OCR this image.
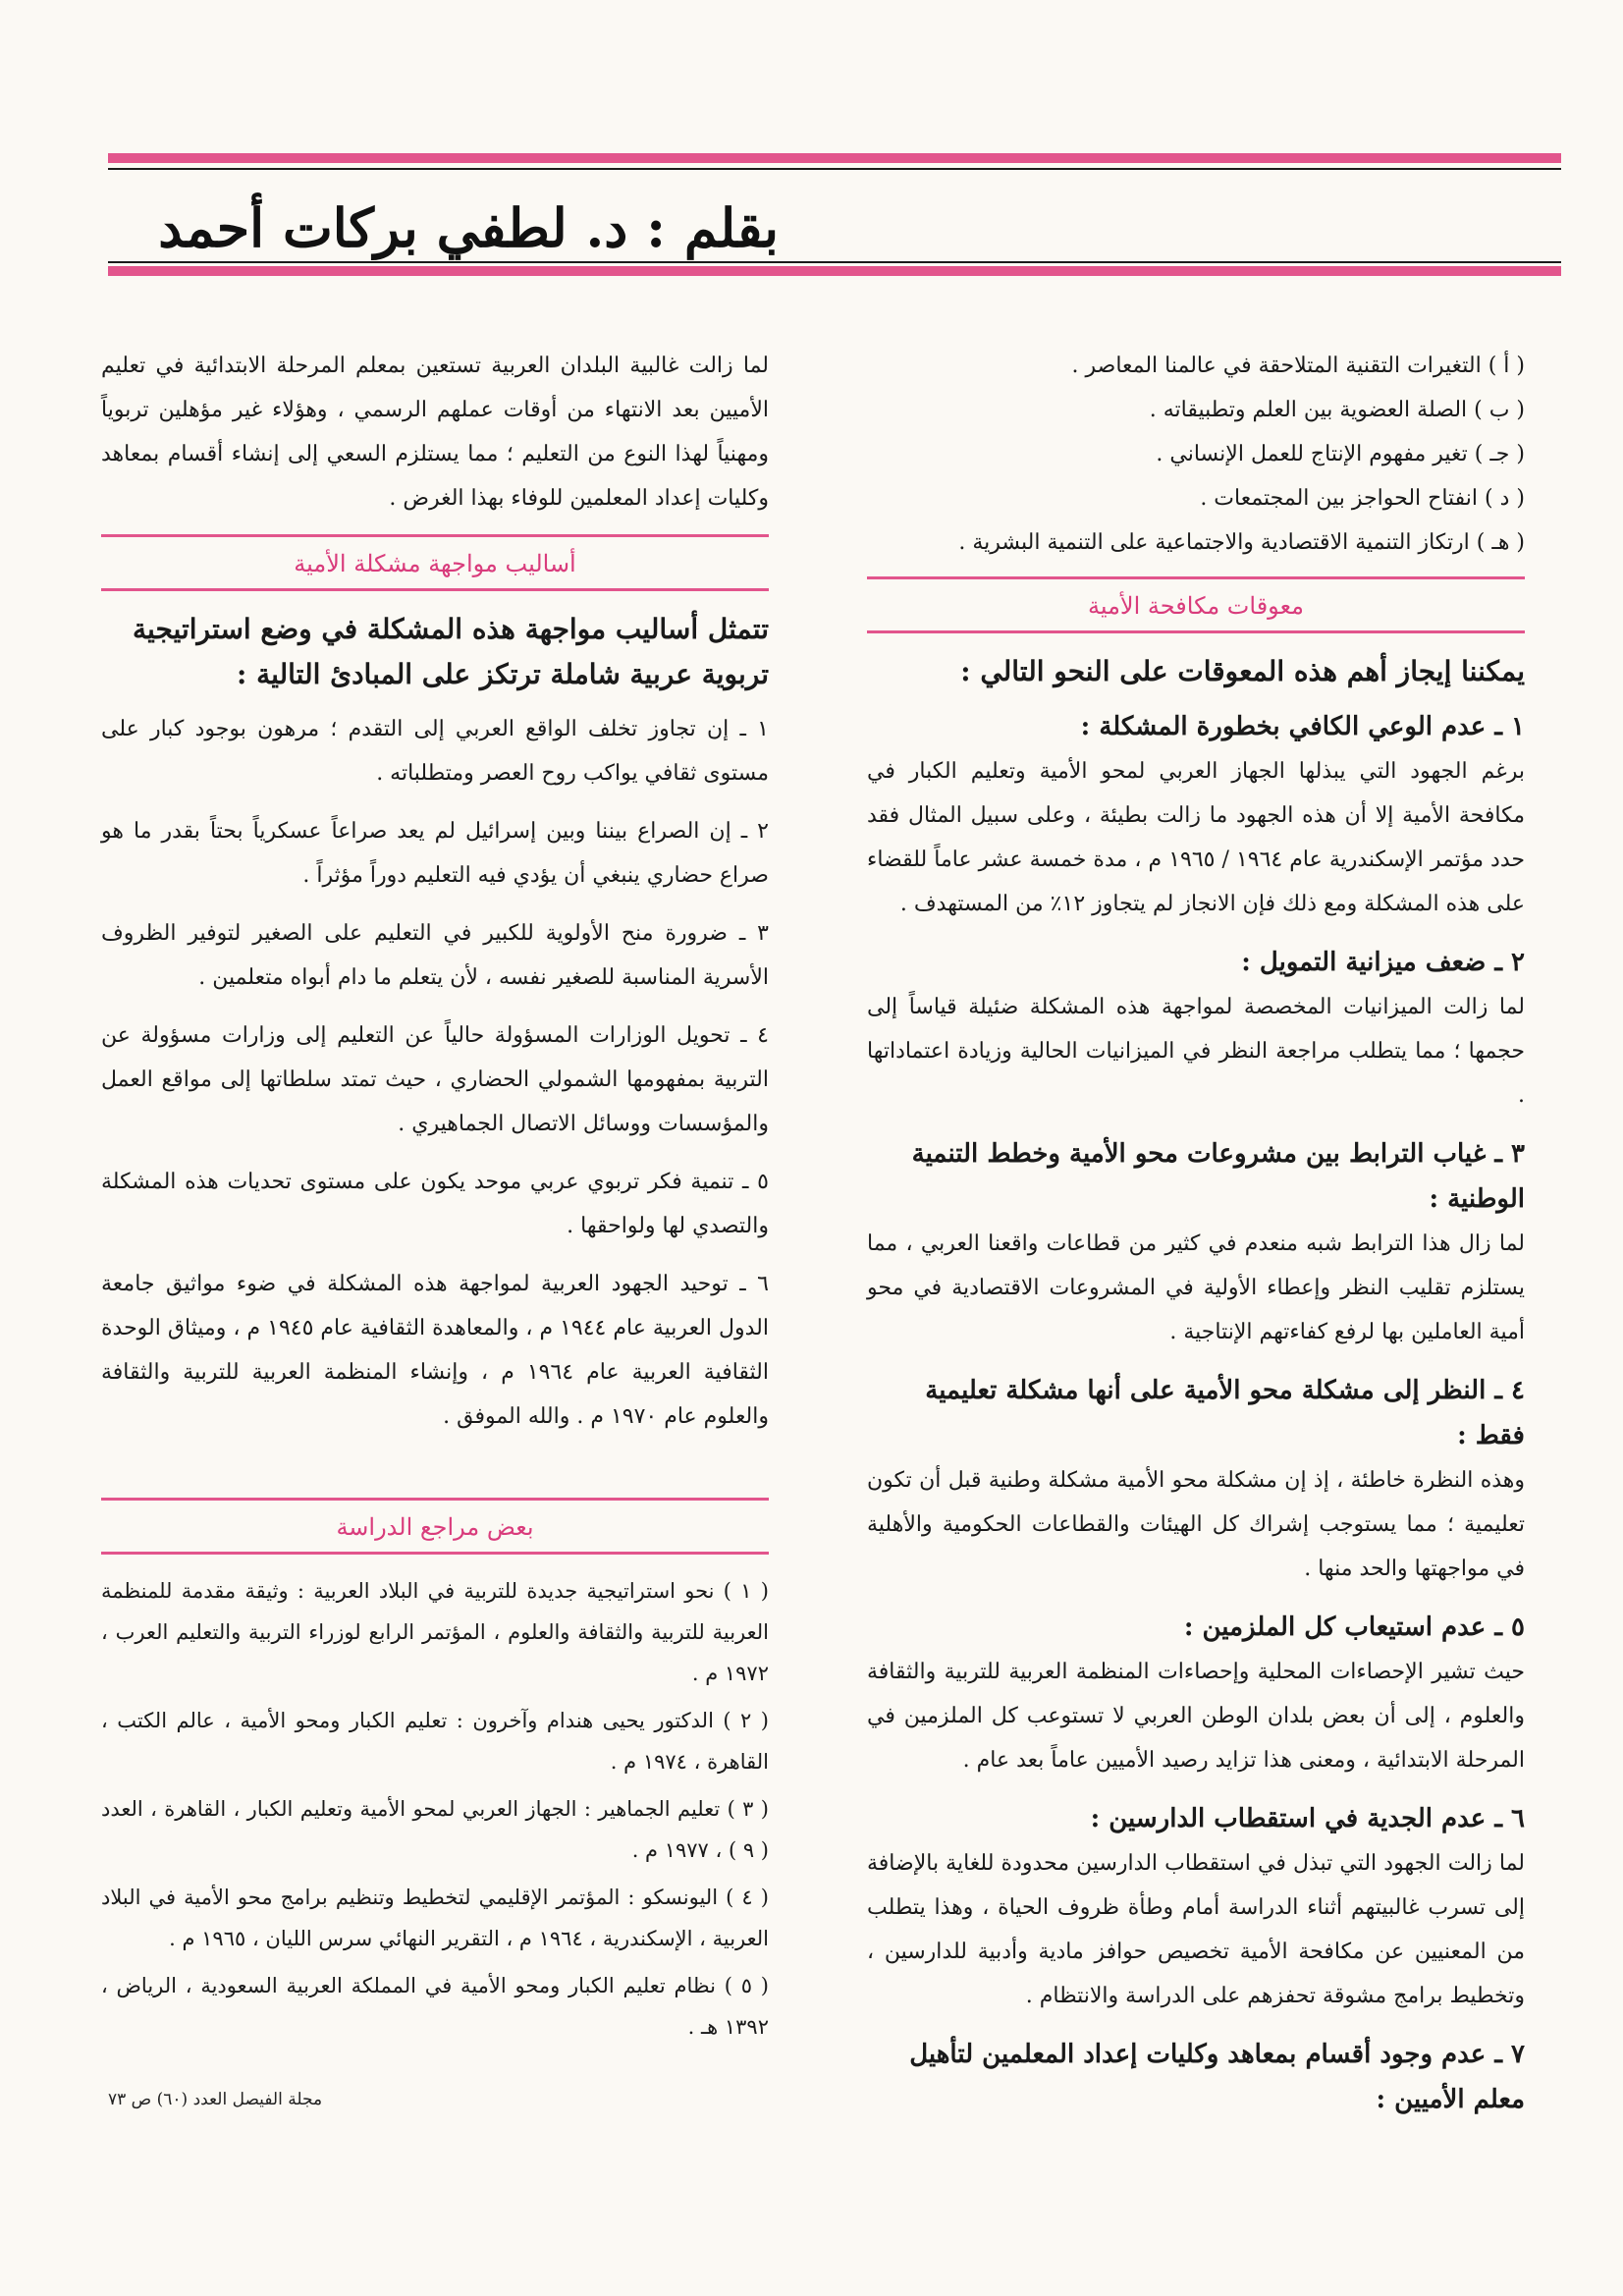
بقلم : د. لطفي بركات أحمد
( أ ) التغيرات التقنية المتلاحقة في عالمنا المعاصر .
( ب ) الصلة العضوية بين العلم وتطبيقاته .
( جـ ) تغير مفهوم الإنتاج للعمل الإنساني .
( د ) انفتاح الحواجز بين المجتمعات .
( هـ ) ارتكاز التنمية الاقتصادية والاجتماعية على التنمية البشرية .
معوقات مكافحة الأمية
يمكننا إيجاز أهم هذه المعوقات على النحو التالي :
١ ـ عدم الوعي الكافي بخطورة المشكلة :
برغم الجهود التي يبذلها الجهاز العربي لمحو الأمية وتعليم الكبار في مكافحة الأمية إلا أن هذه الجهود ما زالت بطيئة ، وعلى سبيل المثال فقد حدد مؤتمر الإسكندرية عام ١٩٦٤ / ١٩٦٥ م ، مدة خمسة عشر عاماً للقضاء على هذه المشكلة ومع ذلك فإن الانجاز لم يتجاوز ١٢٪ من المستهدف .
٢ ـ ضعف ميزانية التمويل :
لما زالت الميزانيات المخصصة لمواجهة هذه المشكلة ضئيلة قياساً إلى حجمها ؛ مما يتطلب مراجعة النظر في الميزانيات الحالية وزيادة اعتماداتها .
٣ ـ غياب الترابط بين مشروعات محو الأمية وخطط التنمية الوطنية :
لما زال هذا الترابط شبه منعدم في كثير من قطاعات واقعنا العربي ، مما يستلزم تقليب النظر وإعطاء الأولية في المشروعات الاقتصادية في محو أمية العاملين بها لرفع كفاءتهم الإنتاجية .
٤ ـ النظر إلى مشكلة محو الأمية على أنها مشكلة تعليمية فقط :
وهذه النظرة خاطئة ، إذ إن مشكلة محو الأمية مشكلة وطنية قبل أن تكون تعليمية ؛ مما يستوجب إشراك كل الهيئات والقطاعات الحكومية والأهلية في مواجهتها والحد منها .
٥ ـ عدم استيعاب كل الملزمين :
حيث تشير الإحصاءات المحلية وإحصاءات المنظمة العربية للتربية والثقافة والعلوم ، إلى أن بعض بلدان الوطن العربي لا تستوعب كل الملزمين في المرحلة الابتدائية ، ومعنى هذا تزايد رصيد الأميين عاماً بعد عام .
٦ ـ عدم الجدية في استقطاب الدارسين :
لما زالت الجهود التي تبذل في استقطاب الدارسين محدودة للغاية بالإضافة إلى تسرب غالبيتهم أثناء الدراسة أمام وطأة ظروف الحياة ، وهذا يتطلب من المعنيين عن مكافحة الأمية تخصيص حوافز مادية وأدبية للدارسين ، وتخطيط برامج مشوقة تحفزهم على الدراسة والانتظام .
٧ ـ عدم وجود أقسام بمعاهد وكليات إعداد المعلمين لتأهيل معلم الأميين :
لما زالت غالبية البلدان العربية تستعين بمعلم المرحلة الابتدائية في تعليم الأميين بعد الانتهاء من أوقات عملهم الرسمي ، وهؤلاء غير مؤهلين تربوياً ومهنياً لهذا النوع من التعليم ؛ مما يستلزم السعي إلى إنشاء أقسام بمعاهد وكليات إعداد المعلمين للوفاء بهذا الغرض .
أساليب مواجهة مشكلة الأمية
تتمثل أساليب مواجهة هذه المشكلة في وضع استراتيجية تربوية عربية شاملة ترتكز على المبادئ التالية :
١ ـ إن تجاوز تخلف الواقع العربي إلى التقدم ؛ مرهون بوجود كبار على مستوى ثقافي يواكب روح العصر ومتطلباته .
٢ ـ إن الصراع بيننا وبين إسرائيل لم يعد صراعاً عسكرياً بحتاً بقدر ما هو صراع حضاري ينبغي أن يؤدي فيه التعليم دوراً مؤثراً .
٣ ـ ضرورة منح الأولوية للكبير في التعليم على الصغير لتوفير الظروف الأسرية المناسبة للصغير نفسه ، لأن يتعلم ما دام أبواه متعلمين .
٤ ـ تحويل الوزارات المسؤولة حالياً عن التعليم إلى وزارات مسؤولة عن التربية بمفهومها الشمولي الحضاري ، حيث تمتد سلطاتها إلى مواقع العمل والمؤسسات ووسائل الاتصال الجماهيري .
٥ ـ تنمية فكر تربوي عربي موحد يكون على مستوى تحديات هذه المشكلة والتصدي لها ولواحقها .
٦ ـ توحيد الجهود العربية لمواجهة هذه المشكلة في ضوء مواثيق جامعة الدول العربية عام ١٩٤٤ م ، والمعاهدة الثقافية عام ١٩٤٥ م ، وميثاق الوحدة الثقافية العربية عام ١٩٦٤ م ، وإنشاء المنظمة العربية للتربية والثقافة والعلوم عام ١٩٧٠ م . والله الموفق .
بعض مراجع الدراسة
( ١ ) نحو استراتيجية جديدة للتربية في البلاد العربية : وثيقة مقدمة للمنظمة العربية للتربية والثقافة والعلوم ، المؤتمر الرابع لوزراء التربية والتعليم العرب ، ١٩٧٢ م .
( ٢ ) الدكتور يحيى هندام وآخرون : تعليم الكبار ومحو الأمية ، عالم الكتب ، القاهرة ، ١٩٧٤ م .
( ٣ ) تعليم الجماهير : الجهاز العربي لمحو الأمية وتعليم الكبار ، القاهرة ، العدد ( ٩ ) ، ١٩٧٧ م .
( ٤ ) اليونسكو : المؤتمر الإقليمي لتخطيط وتنظيم برامج محو الأمية في البلاد العربية ، الإسكندرية ، ١٩٦٤ م ، التقرير النهائي سرس الليان ، ١٩٦٥ م .
( ٥ ) نظام تعليم الكبار ومحو الأمية في المملكة العربية السعودية ، الرياض ، ١٣٩٢ هـ .
مجلة الفيصل العدد (٦٠) ص ٧٣
